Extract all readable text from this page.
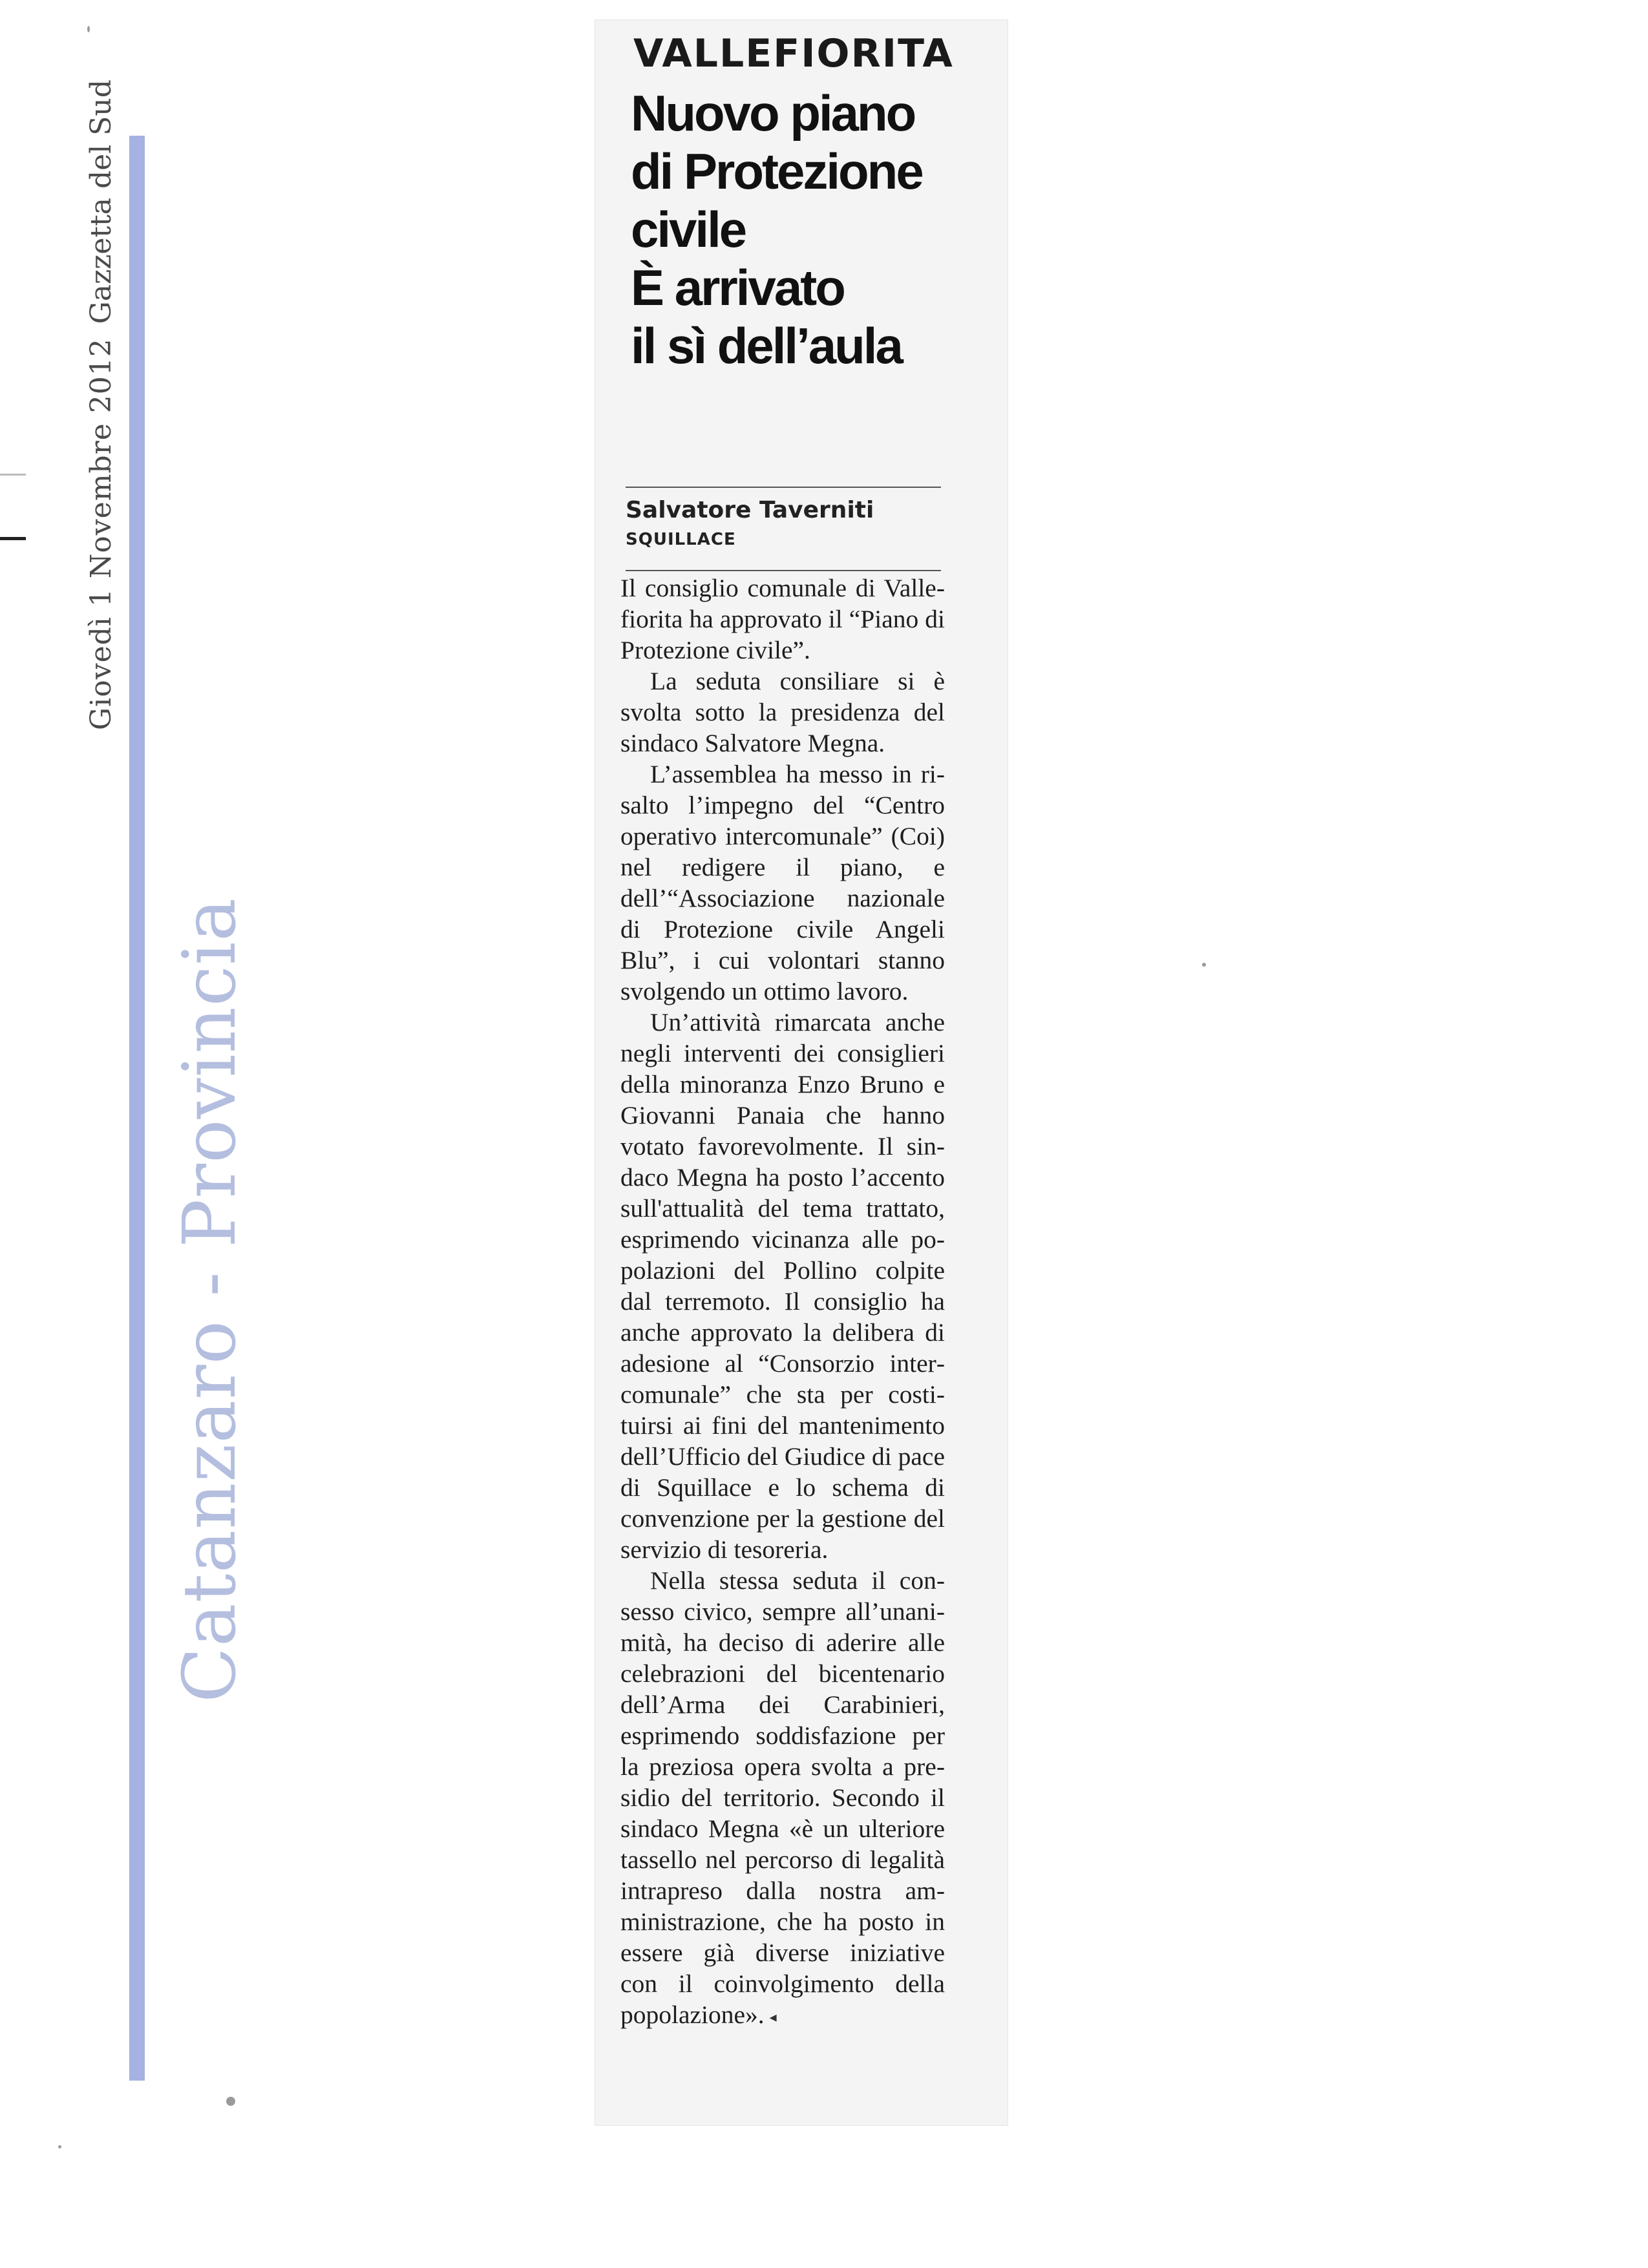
Giovedì 1 Novembre 2012Gazzetta del Sud
Catanzaro - Provincia
VALLEFIORITA
Nuovo piano
di Protezione
civile
È arrivato
il sì dell’aula
Salvatore Taverniti
SQUILLACE

Il consiglio comunale di Vallefiorita ha approvato il “Piano di Protezione civile”.

La seduta consiliare si è svolta sotto la presidenza del sindaco Salvatore Megna.

L’assemblea ha messo in risalto l’impegno del “Centro operativo intercomunale” (Coi) nel redigere il piano, e dell’“Associazione nazionale di Protezione civile Angeli Blu”, i cui volontari stanno svolgendo un ottimo lavoro.

Un’attività rimarcata anche negli interventi dei consiglieri della minoranza Enzo Bruno e Giovanni Panaia che hanno votato favorevolmente. Il sindaco Megna ha posto l’accento sull'attualità del tema trattato, esprimendo vicinanza alle popolazioni del Pollino colpite dal terremoto. Il consiglio ha anche approvato la delibera di adesione al “Consorzio intercomunale” che sta per costituirsi ai fini del mantenimento dell’Ufficio del Giudice di pace di Squillace e lo schema di convenzione per la gestione del servizio di tesoreria.

Nella stessa seduta il consesso civico, sempre all’unanimità, ha deciso di aderire alle celebrazioni del bicentenario dell’Arma dei Carabinieri, esprimendo soddisfazione per la preziosa opera svolta a presidio del territorio. Secondo il sindaco Megna «è un ulteriore tassello nel percorso di legalità intrapreso dalla nostra amministrazione, che ha posto in essere già diverse iniziative con il coinvolgimento della popolazione». ◂
